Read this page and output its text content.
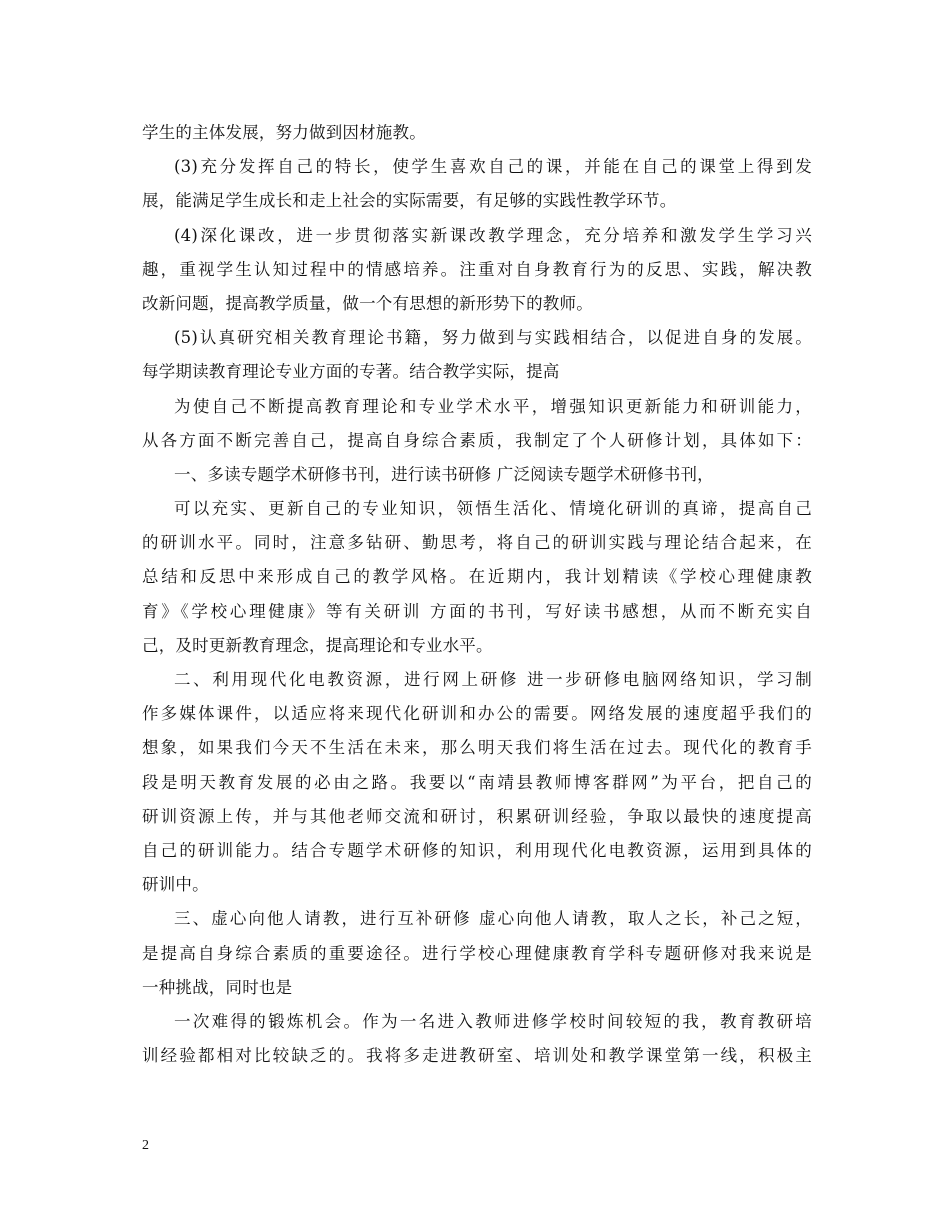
学生的主体发展，努力做到因材施教。
(3)充分发挥自己的特长，使学生喜欢自己的课，并能在自己的课堂上得到发
展，能满足学生成长和走上社会的实际需要，有足够的实践性教学环节。
(4)深化课改，进一步贯彻落实新课改教学理念，充分培养和激发学生学习兴
趣，重视学生认知过程中的情感培养。注重对自身教育行为的反思、实践，解决教
改新问题，提高教学质量，做一个有思想的新形势下的教师。
(5)认真研究相关教育理论书籍，努力做到与实践相结合，以促进自身的发展。
每学期读教育理论专业方面的专著。结合教学实际，提高
为使自己不断提高教育理论和专业学术水平，增强知识更新能力和研训能力，
从各方面不断完善自己，提高自身综合素质，我制定了个人研修计划，具体如下：
一、多读专题学术研修书刊，进行读书研修 广泛阅读专题学术研修书刊，
可以充实、更新自己的专业知识，领悟生活化、情境化研训的真谛，提高自己
的研训水平。同时，注意多钻研、勤思考，将自己的研训实践与理论结合起来，在
总结和反思中来形成自己的教学风格。在近期内，我计划精读《学校心理健康教
育》《学校心理健康》等有关研训 方面的书刊，写好读书感想，从而不断充实自
己，及时更新教育理念，提高理论和专业水平。
二、利用现代化电教资源，进行网上研修 进一步研修电脑网络知识，学习制
作多媒体课件，以适应将来现代化研训和办公的需要。网络发展的速度超乎我们的
想象，如果我们今天不生活在未来，那么明天我们将生活在过去。现代化的教育手
段是明天教育发展的必由之路。我要以“南靖县教师博客群网”为平台，把自己的
研训资源上传，并与其他老师交流和研讨，积累研训经验，争取以最快的速度提高
自己的研训能力。结合专题学术研修的知识，利用现代化电教资源，运用到具体的
研训中。
三、虚心向他人请教，进行互补研修 虚心向他人请教，取人之长，补己之短，
是提高自身综合素质的重要途径。进行学校心理健康教育学科专题研修对我来说是
一种挑战，同时也是
一次难得的锻炼机会。作为一名进入教师进修学校时间较短的我，教育教研培
训经验都相对比较缺乏的。我将多走进教研室、培训处和教学课堂第一线，积极主
2
